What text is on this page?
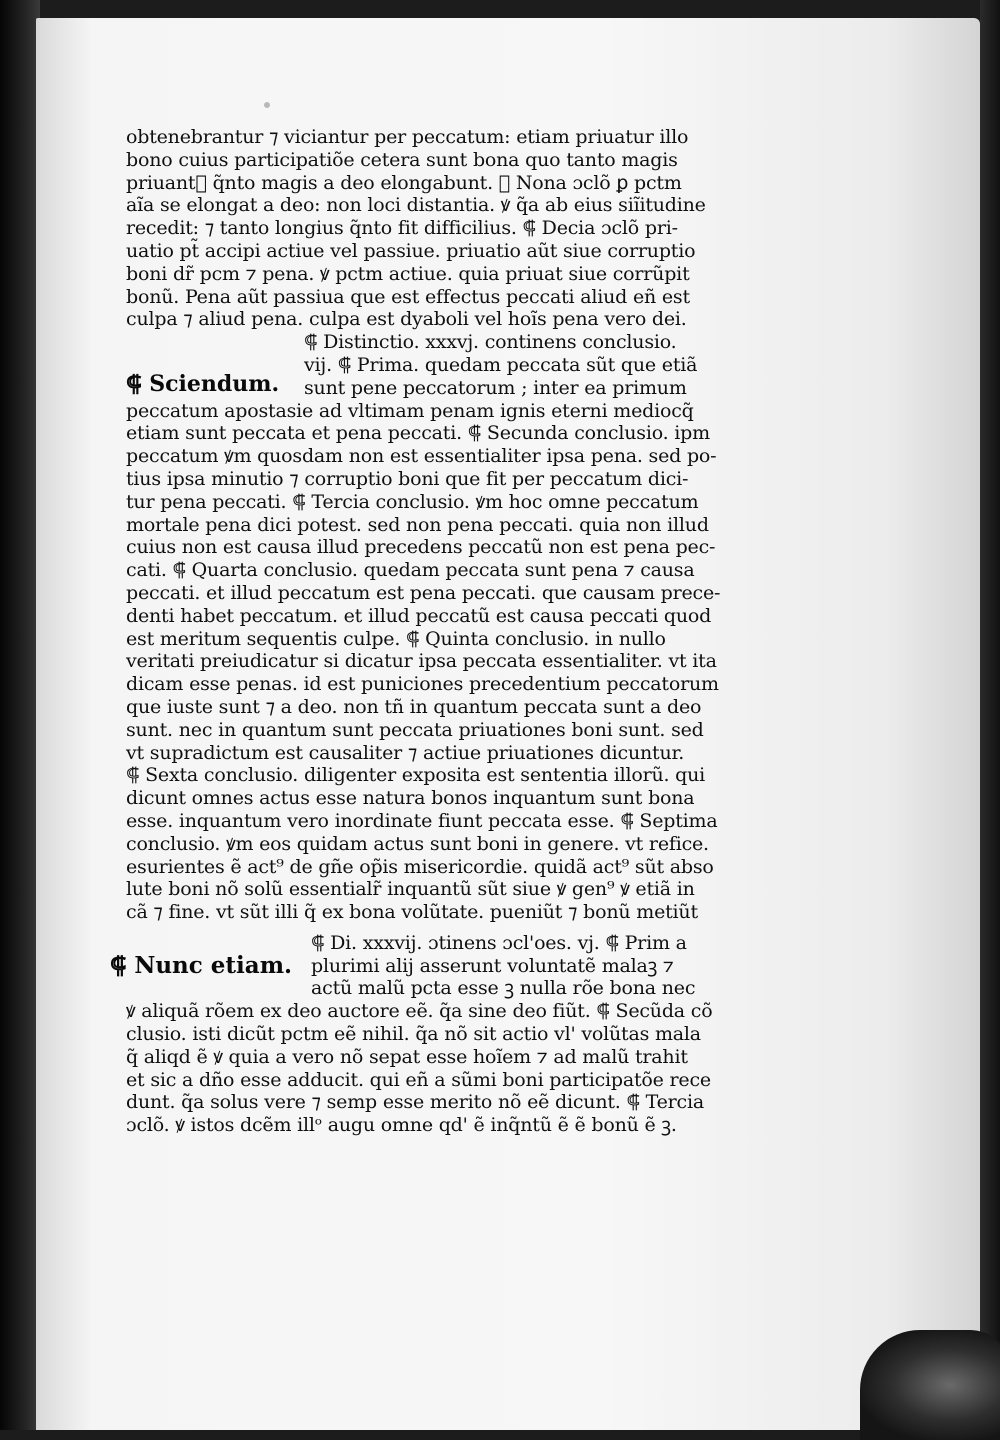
⸿ Sciendum.
⸿ Nunc etiam.
obtenebrantur ⁊ viciantur per peccatum: etiam priuatur illo
bono cuius participatiõe cetera sunt bona quo tanto magis
priuantᷓ q̃nto magis a deo elongabunt. ⸿ Nona ɔclõ ꝑ pctm
aĩa se elongat a deo: non loci distantia. ꝟ q̃a ab eius siĩitudine
recedit: ⁊ tanto longius q̃nto fit difficilius. ⸿ Decia ɔclõ pri-
uatio pt̃ accipi actiue vel passiue. priuatio aũt siue corruptio
boni dr̃ pcm ⁊ pena. ꝟ pctm actiue. quia priuat siue corrũpit
bonũ. Pena aũt passiua que est effectus peccati aliud eñ est
culpa ⁊ aliud pena. culpa est dyaboli vel hoĩs pena vero dei.
⸿ Distinctio. xxxvj. continens conclusio.
vij. ⸿ Prima. quedam peccata sũt que etiã
sunt pene peccatorum ; inter ea primum
peccatum apostasie ad vltimam penam ignis eterni mediocq̃
etiam sunt peccata et pena peccati. ⸿ Secunda conclusio. ipm
peccatum ꝟm quosdam non est essentialiter ipsa pena. sed po-
tius ipsa minutio ⁊ corruptio boni que fit per peccatum dici-
tur pena peccati. ⸿ Tercia conclusio. ꝟm hoc omne peccatum
mortale pena dici potest. sed non pena peccati. quia non illud
cuius non est causa illud precedens peccatũ non est pena pec-
cati. ⸿ Quarta conclusio. quedam peccata sunt pena ⁊ causa
peccati. et illud peccatum est pena peccati. que causam prece-
denti habet peccatum. et illud peccatũ est causa peccati quod
est meritum sequentis culpe. ⸿ Quinta conclusio. in nullo
veritati preiudicatur si dicatur ipsa peccata essentialiter. vt ita
dicam esse penas. id est puniciones precedentium peccatorum
que iuste sunt ⁊ a deo. non tñ in quantum peccata sunt a deo
sunt. nec in quantum sunt peccata priuationes boni sunt. sed
vt supradictum est causaliter ⁊ actiue priuationes dicuntur.
⸿ Sexta conclusio. diligenter exposita est sententia illorũ. qui
dicunt omnes actus esse natura bonos inquantum sunt bona
esse. inquantum vero inordinate fiunt peccata esse. ⸿ Septima
conclusio. ꝟm eos quidam actus sunt boni in genere. vt refice.
esurientes ẽ act⁹ de gñe op̃is misericordie. quidã act⁹ sũt abso
lute boni nõ solũ essentialr̃ inquantũ sũt siue ꝟ gen⁹ ꝟ etiã in
cã ⁊ fine. vt sũt illi q̃ ex bona volũtate. pueniũt ⁊ bonũ metiũt
⸿ Di. xxxvij. ɔtinens ɔcl'oes. vj. ⸿ Prim a
plurimi alij asserunt voluntatẽ malaꝫ ⁊
actũ malũ pcta esse ꝫ nulla rõe bona nec
ꝟ aliquã rõem ex deo auctore eẽ. q̃a sine deo fiũt. ⸿ Secũda cõ
clusio. isti dicũt pctm eẽ nihil. q̃a nõ sit actio vl' volũtas mala
q̃ aliqd ẽ ꝟ quia a vero nõ sepat esse hoĩem ⁊ ad malũ trahit
et sic a dño esse adducit. qui eñ a sũmi boni participatõe rece
dunt. q̃a solus vere ⁊ semp esse merito nõ eẽ dicunt. ⸿ Tercia
ɔclõ. ꝟ istos dcẽm illᵒ augu omne qd' ẽ inq̃ntũ ẽ ẽ bonũ ẽ ꝫ.
